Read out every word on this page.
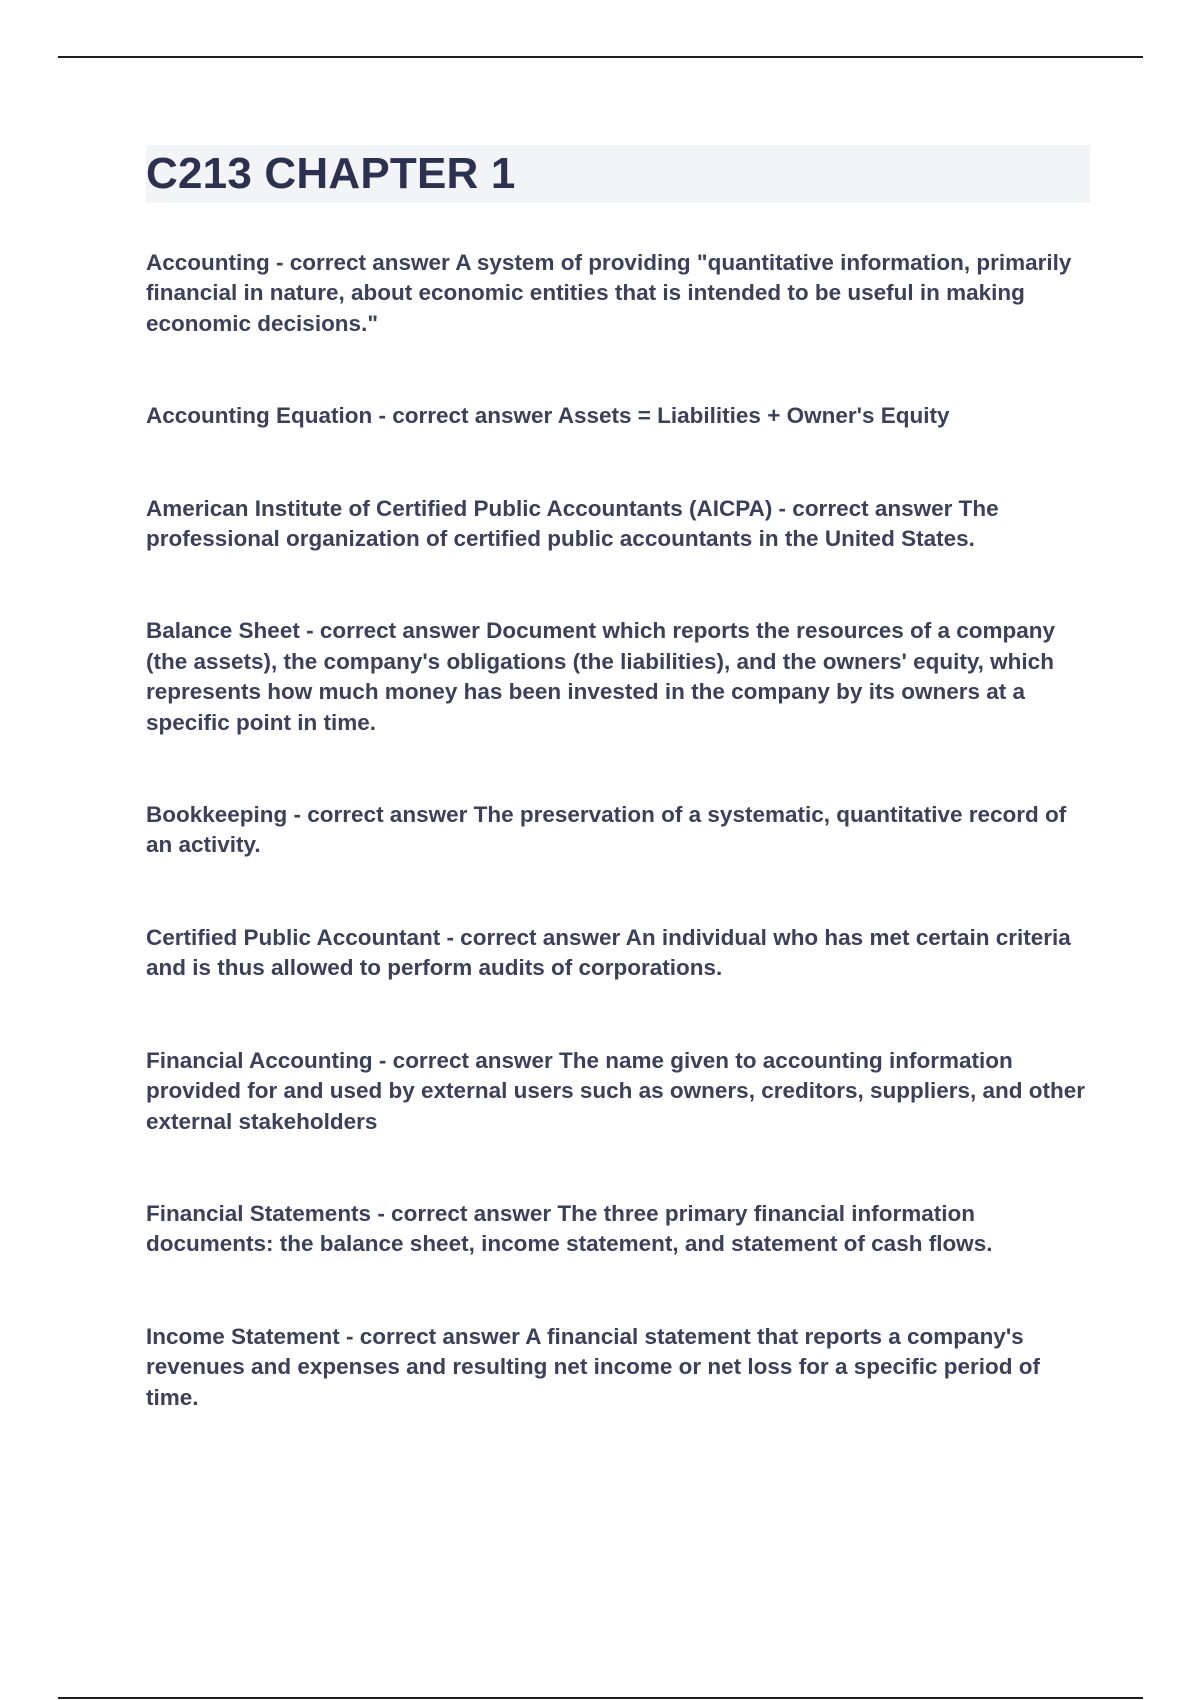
C213 CHAPTER 1

Accounting - correct answer A system of providing "quantitative information, primarily financial in nature, about economic entities that is intended to be useful in making economic decisions."

Accounting Equation - correct answer Assets = Liabilities + Owner's Equity

American Institute of Certified Public Accountants (AICPA) - correct answer The professional organization of certified public accountants in the United States.

Balance Sheet - correct answer Document which reports the resources of a company (the assets), the company's obligations (the liabilities), and the owners' equity, which represents how much money has been invested in the company by its owners at a specific point in time.

Bookkeeping - correct answer The preservation of a systematic, quantitative record of an activity.

Certified Public Accountant - correct answer An individual who has met certain criteria and is thus allowed to perform audits of corporations.

Financial Accounting - correct answer The name given to accounting information provided for and used by external users such as owners, creditors, suppliers, and other external stakeholders

Financial Statements - correct answer The three primary financial information documents: the balance sheet, income statement, and statement of cash flows.

Income Statement - correct answer A financial statement that reports a company's revenues and expenses and resulting net income or net loss for a specific period of time.
